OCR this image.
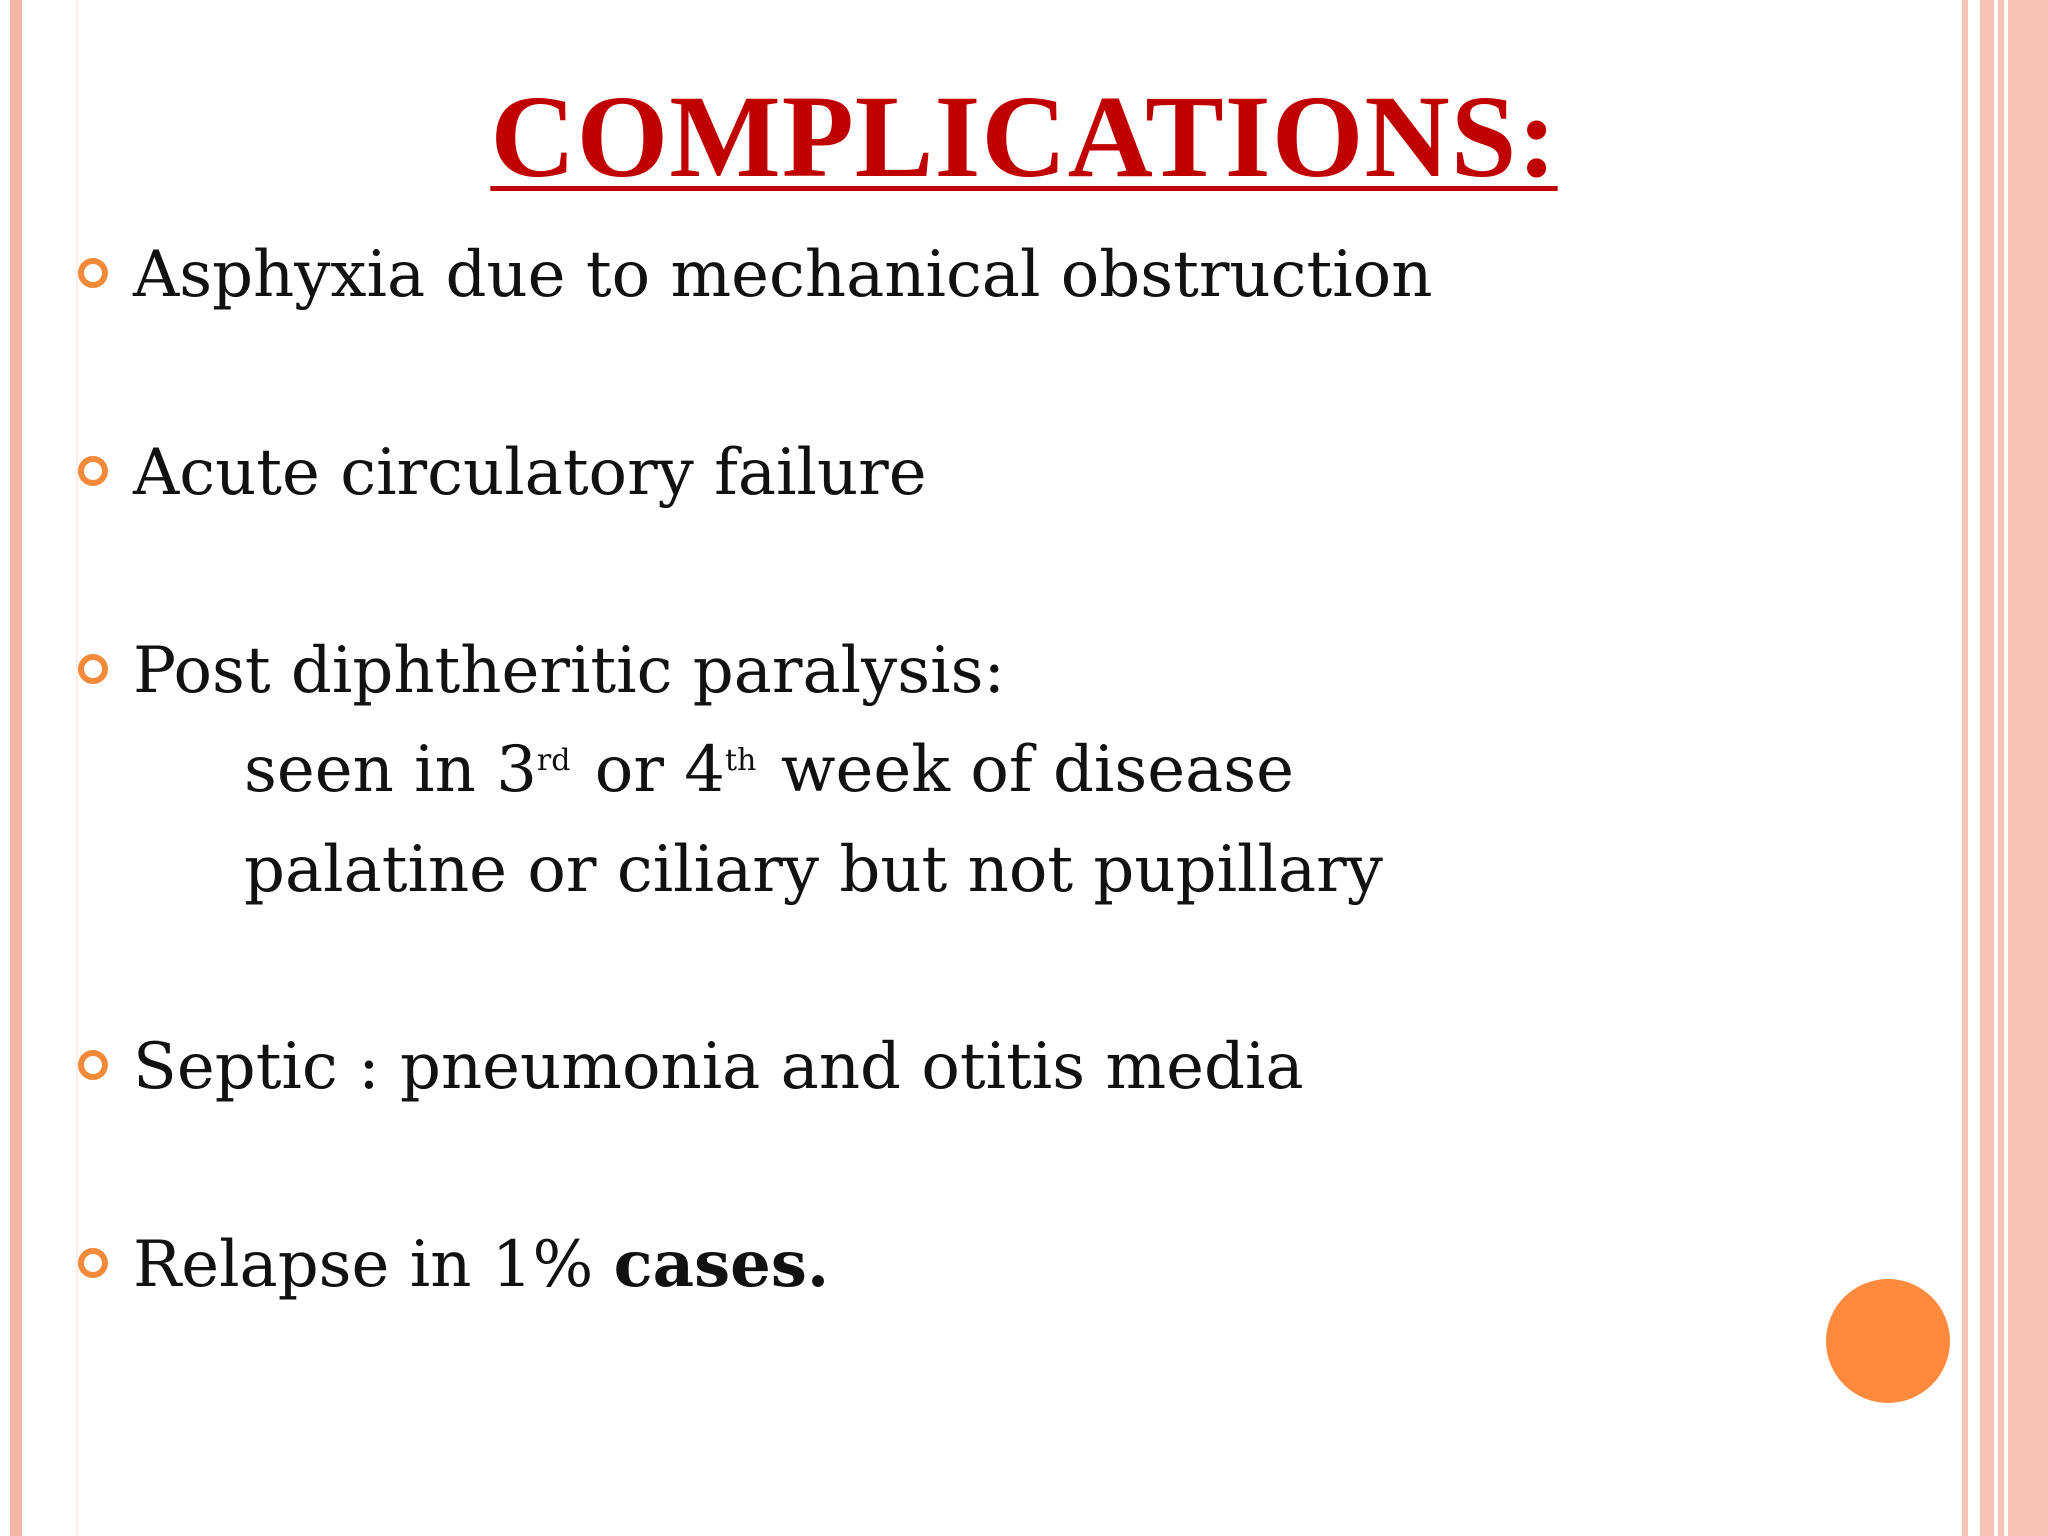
COMPLICATIONS:
Asphyxia due to mechanical obstruction
Acute circulatory failure
Post diphtheritic paralysis:
seen in 3rd or 4th week of disease
palatine or ciliary but not pupillary
Septic : pneumonia and otitis media
Relapse in 1% cases.
